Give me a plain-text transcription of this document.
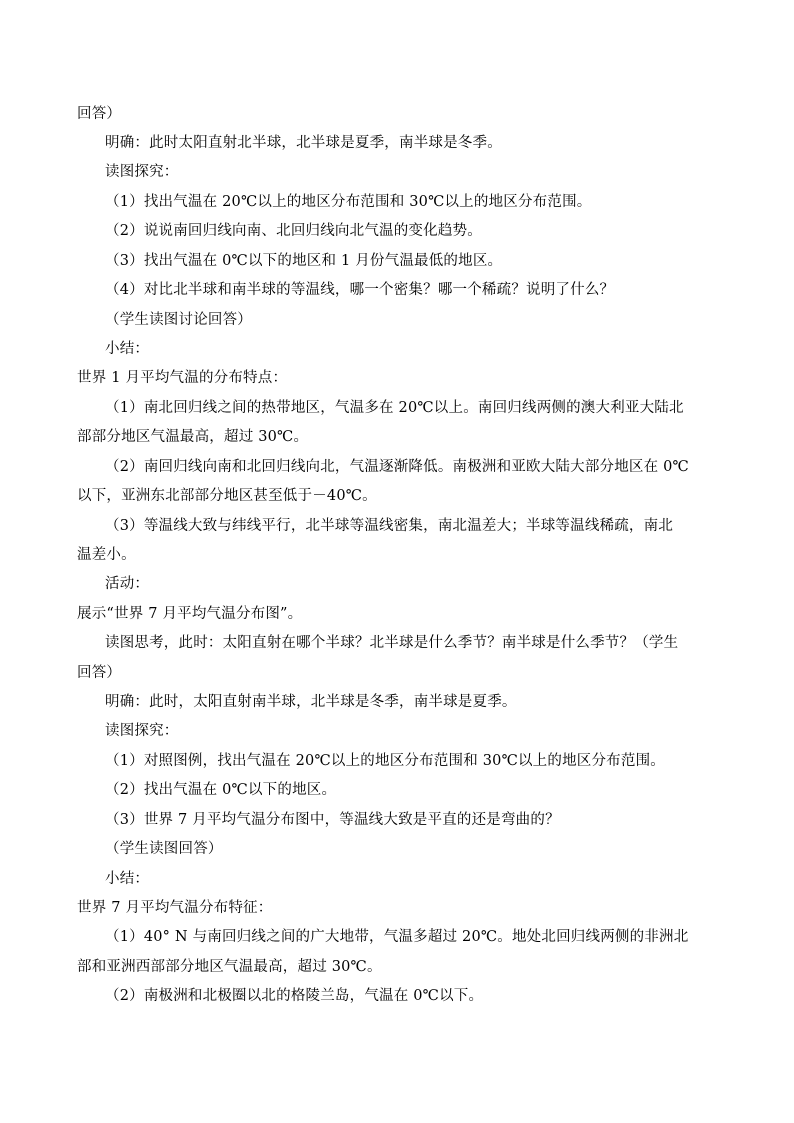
回答）
明确：此时太阳直射北半球，北半球是夏季，南半球是冬季。
读图探究：
（1）找出气温在 20℃以上的地区分布范围和 30℃以上的地区分布范围。
（2）说说南回归线向南、北回归线向北气温的变化趋势。
（3）找出气温在 0℃以下的地区和 1 月份气温最低的地区。
（4）对比北半球和南半球的等温线，哪一个密集？哪一个稀疏？说明了什么？
（学生读图讨论回答）
小结：
世界 1 月平均气温的分布特点：
（1）南北回归线之间的热带地区，气温多在 20℃以上。南回归线两侧的澳大利亚大陆北
部部分地区气温最高，超过 30℃。
（2）南回归线向南和北回归线向北，气温逐渐降低。南极洲和亚欧大陆大部分地区在 0℃
以下，亚洲东北部部分地区甚至低于－40℃。
（3）等温线大致与纬线平行，北半球等温线密集，南北温差大；半球等温线稀疏，南北
温差小。
活动：
展示“世界 7 月平均气温分布图”。
读图思考，此时：太阳直射在哪个半球？北半球是什么季节？南半球是什么季节？（学生
回答）
明确：此时，太阳直射南半球，北半球是冬季，南半球是夏季。
读图探究：
（1）对照图例，找出气温在 20℃以上的地区分布范围和 30℃以上的地区分布范围。
（2）找出气温在 0℃以下的地区。
（3）世界 7 月平均气温分布图中，等温线大致是平直的还是弯曲的？
（学生读图回答）
小结：
世界 7 月平均气温分布特征：
（1）40° N 与南回归线之间的广大地带，气温多超过 20℃。地处北回归线两侧的非洲北
部和亚洲西部部分地区气温最高，超过 30℃。
（2）南极洲和北极圈以北的格陵兰岛，气温在 0℃以下。
